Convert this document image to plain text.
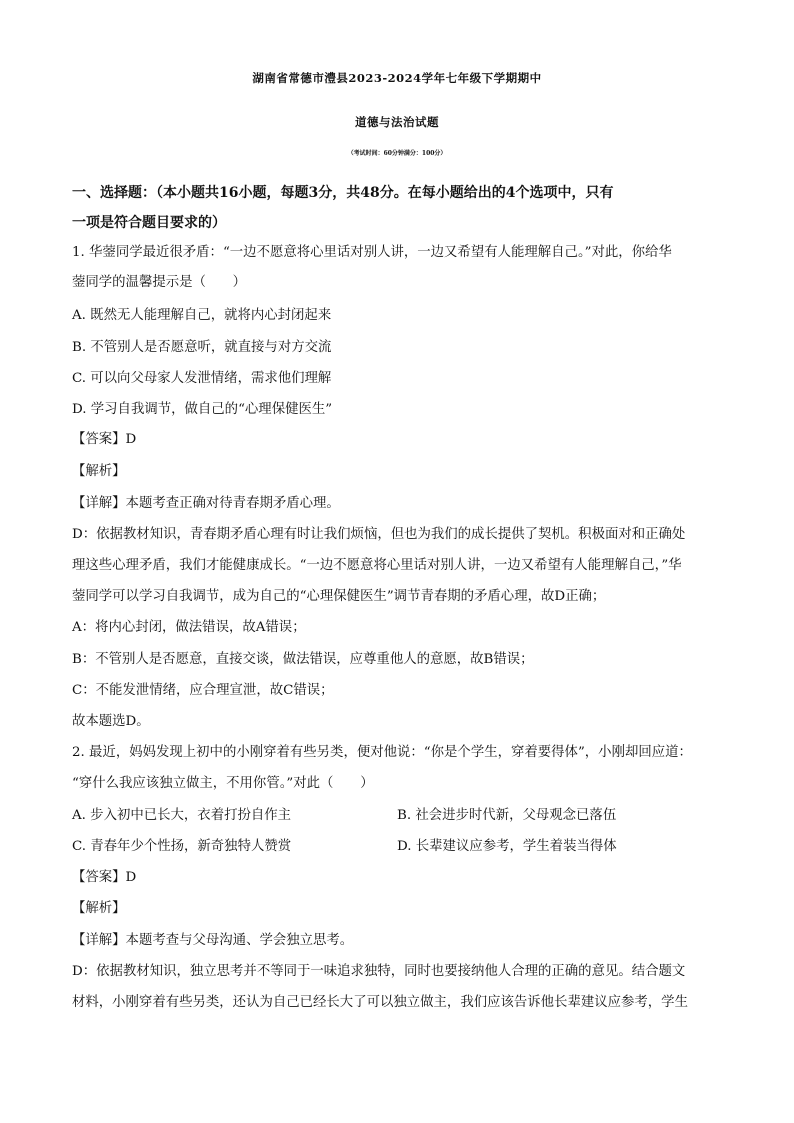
湖南省常德市澧县2023-2024学年七年级下学期期中
道德与法治试题
（考试时间：60分钟满分：100分）
一、选择题：（本小题共16小题，每题3分，共48分。在每小题给出的4个选项中，只有
一项是符合题目要求的）
1. 华蓥同学最近很矛盾：“一边不愿意将心里话对别人讲，一边又希望有人能理解自己。”对此，你给华
蓥同学的温馨提示是（　　）
A. 既然无人能理解自己，就将内心封闭起来
B. 不管别人是否愿意听，就直接与对方交流
C. 可以向父母家人发泄情绪，需求他们理解
D. 学习自我调节，做自己的“心理保健医生”
【答案】D
【解析】
【详解】本题考查正确对待青春期矛盾心理。
D：依据教材知识，青春期矛盾心理有时让我们烦恼，但也为我们的成长提供了契机。积极面对和正确处
理这些心理矛盾，我们才能健康成长。“一边不愿意将心里话对别人讲，一边又希望有人能理解自己，”华
蓥同学可以学习自我调节，成为自己的“心理保健医生”调节青春期的矛盾心理，故D正确；
A：将内心封闭，做法错误，故A错误；
B：不管别人是否愿意，直接交谈，做法错误，应尊重他人的意愿，故B错误；
C：不能发泄情绪，应合理宣泄，故C错误；
故本题选D。
2. 最近，妈妈发现上初中的小刚穿着有些另类，便对他说：“你是个学生，穿着要得体”，小刚却回应道：
“穿什么我应该独立做主，不用你管。”对此（　　）
A. 步入初中已长大，衣着打扮自作主	B. 社会进步时代新，父母观念已落伍
C. 青春年少个性扬，新奇独特人赞赏	D. 长辈建议应参考，学生着装当得体
【答案】D
【解析】
【详解】本题考查与父母沟通、学会独立思考。
D：依据教材知识，独立思考并不等同于一味追求独特，同时也要接纳他人合理的正确的意见。结合题文
材料，小刚穿着有些另类，还认为自己已经长大了可以独立做主，我们应该告诉他长辈建议应参考，学生
